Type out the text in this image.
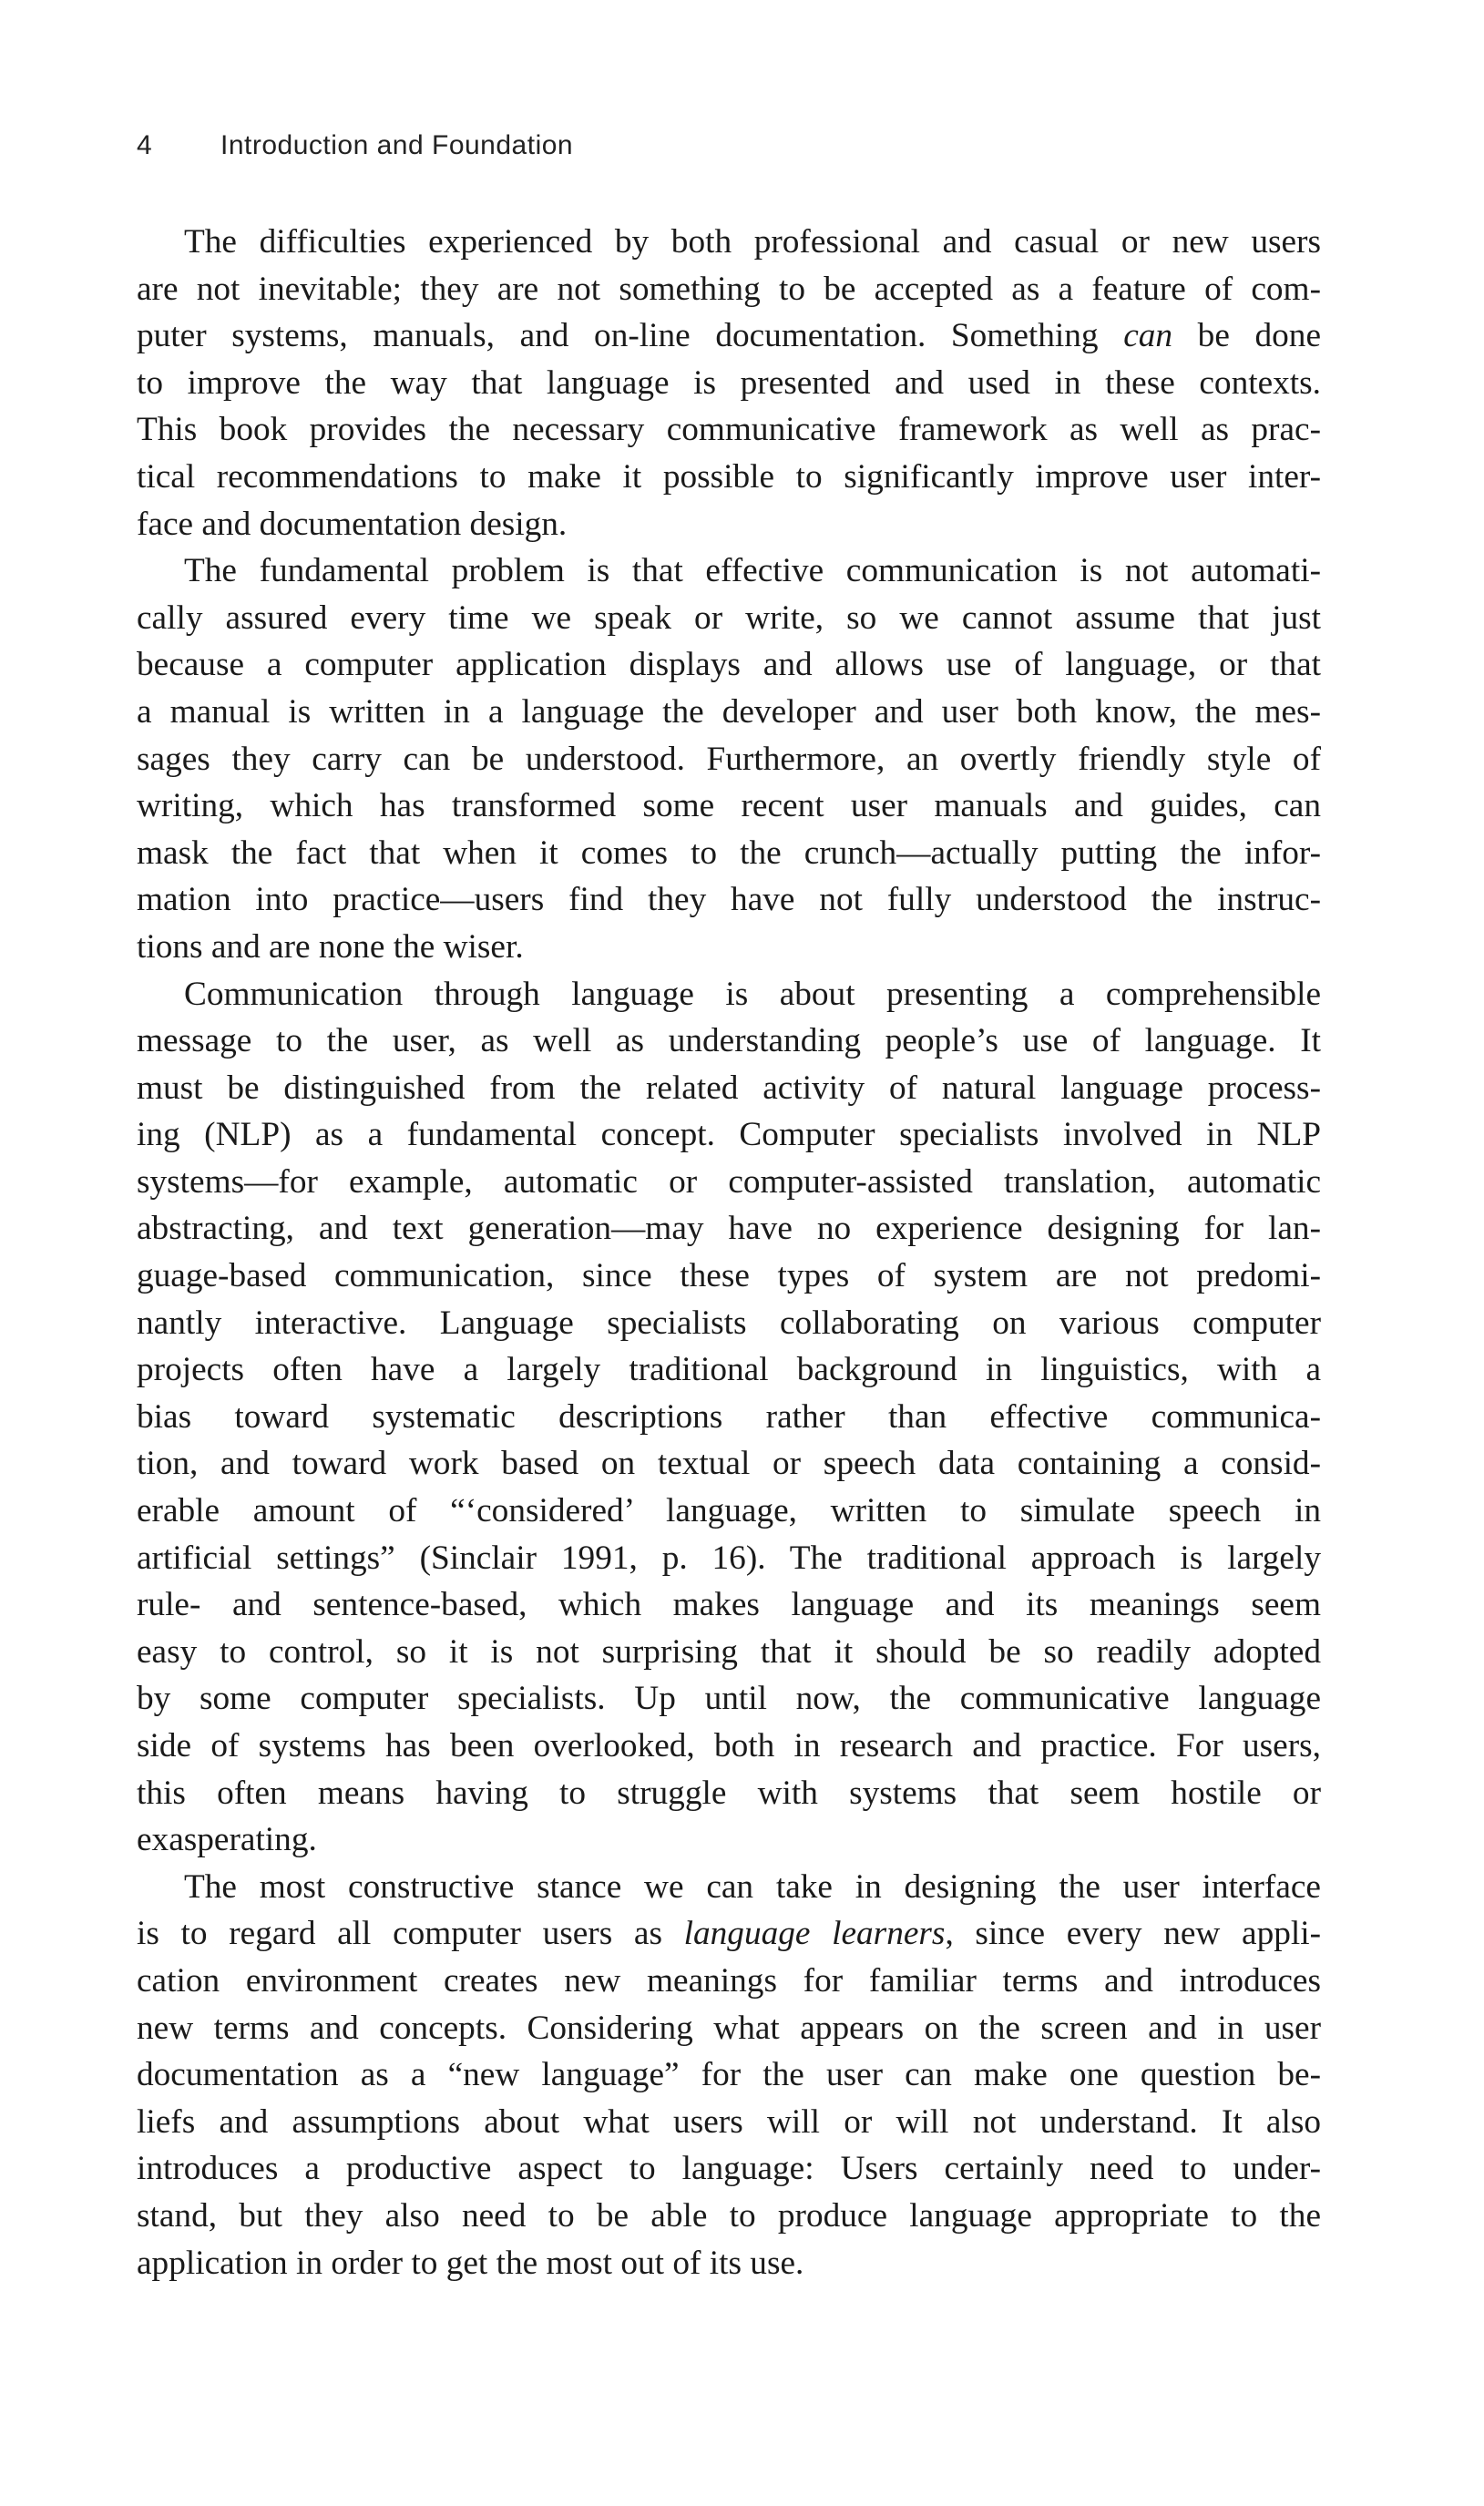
4 Introduction and Foundation
The difficulties experienced by both professional and casual or new users
are not inevitable; they are not something to be accepted as a feature of com-
puter systems, manuals, and on-line documentation. Something can be done
to improve the way that language is presented and used in these contexts.
This book provides the necessary communicative framework as well as prac-
tical recommendations to make it possible to significantly improve user inter-
face and documentation design.
The fundamental problem is that effective communication is not automati-
cally assured every time we speak or write, so we cannot assume that just
because a computer application displays and allows use of language, or that
a manual is written in a language the developer and user both know, the mes-
sages they carry can be understood. Furthermore, an overtly friendly style of
writing, which has transformed some recent user manuals and guides, can
mask the fact that when it comes to the crunch—actually putting the infor-
mation into practice—users find they have not fully understood the instruc-
tions and are none the wiser.
Communication through language is about presenting a comprehensible
message to the user, as well as understanding people’s use of language. It
must be distinguished from the related activity of natural language process-
ing (NLP) as a fundamental concept. Computer specialists involved in NLP
systems—for example, automatic or computer-assisted translation, automatic
abstracting, and text generation—may have no experience designing for lan-
guage-based communication, since these types of system are not predomi-
nantly interactive. Language specialists collaborating on various computer
projects often have a largely traditional background in linguistics, with a
bias toward systematic descriptions rather than effective communica-
tion, and toward work based on textual or speech data containing a consid-
erable amount of “‘considered’ language, written to simulate speech in
artificial settings” (Sinclair 1991, p. 16). The traditional approach is largely
rule- and sentence-based, which makes language and its meanings seem
easy to control, so it is not surprising that it should be so readily adopted
by some computer specialists. Up until now, the communicative language
side of systems has been overlooked, both in research and practice. For users,
this often means having to struggle with systems that seem hostile or
exasperating.
The most constructive stance we can take in designing the user interface
is to regard all computer users as language learners, since every new appli-
cation environment creates new meanings for familiar terms and introduces
new terms and concepts. Considering what appears on the screen and in user
documentation as a “new language” for the user can make one question be-
liefs and assumptions about what users will or will not understand. It also
introduces a productive aspect to language: Users certainly need to under-
stand, but they also need to be able to produce language appropriate to the
application in order to get the most out of its use.
